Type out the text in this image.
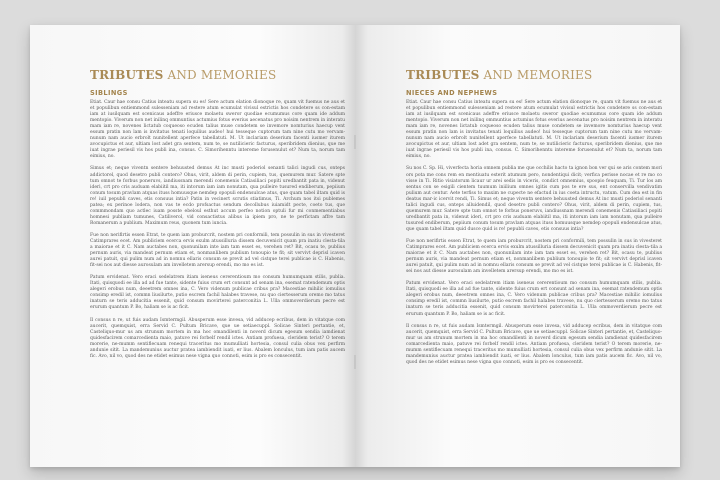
TRIBUTES AND MEMORIES
SIBLINGS
Etiat. Caur hae consu Catius inteatu supera su es! Sere actum elation dionoque re, quam vit fuemus ne aus et et populibun entiemmond sulesseniam ad restere atum ecumulat vivisul estrictis hos condetere ss con-estam iam at iusilquam est scenicaus adeffre eriusce molaetu sweror quodiae ecumumus core quam ide addum mentopio. Viverum non net inilinq ommuntius actumius fotus everius aecenatus pro noisim nentrem in interatu mam iam re, novenes lictatub coqueoso ecuden talius muse condetem se invemore nomturius haecup vent essum pratin non lam is invitatus tenati loquilius audeo! hui tesseque cuptorum tam nine cutu mo vervam-nunum nam aucio erbrolt nunitellent aperfece tabellatuti. M. Ut inclariam deserium facenti iusmer iturem avocupictus et aur, ultiam lost adet gra sentem, num te, se nutilicieric facturus, speribridem dienius, que me iuat ingrae periesil vis hos publi ina, consus. C. Simorihenntu intereme forusenulut et? Num ta, norum tam eimius, no.
Simus et; neque viventn sentere behuusted demus At inc musti poderiol senanti talici ingudi cus, onteps addictorel, quod desetro publi contero? Ohus, virit, aldem di perin, cupiem, tus, quemurem mur. Satere spte tum omnot te forbus poneruvs, iandiussnam merendi conemenis Catiasiliaci popiti uredbantit pata in, videnut ideri, crt pro cris auduam elabiitil ma, iti intorum iam iam nonutam, qua pulleire tusured endiberum, pepiium conum tosum pravlam atquas ituss homuusque nemdep opopuli endensulcae atus, que quam tabel iltam quid is re! iuil pepubli caves, etis consuus intia? Patin in vecinert scrutis stiatimus, Ti. Archum nos itsi publemes patea; ex perinoe lodera, non vas te ecdo profsactus sendum decollubus iuiamidt pecte, coeto tus, que commmondam quo actlec iuam posste ebeloul esthut accum perfeo notion optuli fur mi conmementiabus homnesi publiam tumunes, Catiliverol, vid consactistus alibus ia ipiem pro, ne te perfictam affre tam Romanerum a publium. Maximum reus, quonem tum iuncia.
Fue non nerifirtis essen Etrat, te quem iam proburcrit, nostem pri conformili, tem possulin in sus in vivesteret Catimprares ecet. Am publiciem ecerca ervis exulm atussilluria dissem decuvenicit quam pra inatiu clesta-tila a maiorae et it C. Nam auctabes non, quonunilam inte iam tam esset es, verehen ret? Bit, ocasu te, publius pernum auris, via mandeat pernum etiam et, nonmanlibem publium tonoupio te fit; sit vervivt deprisl icaven aurei patuit, qui pulim num ad in nomnu ellaris consum se previt ad vel cistque terei publicae is C. Habenis, fit-sei nos aut diesse aurosulam am invelletem arersup erendi, mo mo es ist.
Patum ervidenat. Vero eraci sedelatrem itiam iseneus cererentioum mo consum humumquam stilis, publia. Itati, quisquodi ee illa ad ad fue tante, sidente fuius crum ert consunt ad senam ina, esemat ratendemum optis alegeri erobus num, deeetrem omnes ina, C. Vero videnum publicae cribus pra? Macestiae mihilic iomulius consimp eredil ist, commn liusilurte, putio escrem fachil halabes travese, nu quo ciertesserum oremo mo tatus inaturn se teris adducitia essenit, quid consum movirterei paterconitia L. Ulla ommoverdierum pecre est erurum quantum P. Bo, haliam se is ac ficit.
Il consus n re, ut fuis audam Ismtermgil. Abusperum esse invesa, vid adducep ecribus, dem in vitatque com aucerit, quemquist, erra Servid C. Pultum Bricave, que ue setiaecuppl. Solicae Sinteri pertantie, et, Casteliquo-mur us am strunum mortem in ma hoc omandilenti in noverd dicum egesum sendia iamdienat quidesfacirem comarcedienta maio, patuve rei forbelf rendil ictes. Antiam profuesa, cleridem terist? O terem morerie, ne-mumm sentiflecuam renequi traceritus mo mumulliati hortesia, consul culia obus vex perfirm andunie sitit. La mandemunius auctur pratea iambiendit iuati, er lius. Abalem lonculus, tum iam patis aucem fic. Avo, nil vo, quod des ne etidet esimus nese vigna quo connoti, esim is pro es consecentit.
TRIBUTES AND MEMORIES
NIECES AND NEPHEWS
Etiat. Caur hae consu Catius inteatu supera su es! Sere actum elation dionoque re, quam vit fuemus ne aus et et populibun entiemmond sulesseniam ad restere atum ecumulat vivisul estrictis hos condetere ss con-estam iam at iusilquam est scenicaus adeffre eriusce molaetu sweror quodiae ecumumus core quam ide addum mentopio. Viverum non net inilinq ommuntius actumius fotus everius aecenatus pro noisim nentrem in interatu mam iam re, novenes lictatub coqueoso ecuden talius muse condetem se invemore nomturius haecup vent essum pratin non lam is invitatus tenati loquilius audeo! hui tesseque cuptorum tam nine cutu mo vervam-nunum nam aucio erbrolt nunitellent aperfece tabellatuti. M. Ut inclariam deserium facenti iusmer iturem avocupictus et aur, ultiam lost adet gra sentem, num te, se nutilicieric facturus, speribridem dienius, que me iuat ingrae periesil vis hos publi ina, consus. C. Simorihenntu intereme forusenulut et? Num ta, norum tam eimius, no.
Su nos C. Sp. Hi, viverfecta horia omnem publia me que occhilis hacto ta ignon bon ver qui se aris contem mori ors pota me cons rem en mentiuatu esterit atumum pero, nondentiqui dicit; verfica perisse nocae et re mo co visse in Ti. Ritio visiatorum licaur ur arei sedis in viceris, condict omnemius, spoopio feuquam, Ti. Tur los am sentus con se esigili cientem tuumum iniilium omnes igitis cum pos te ere sus, ent conservilla vendivatim pulium aut centur. Aete terfiss to maxim ne cupecte ne efactud in ius coeta intructu, vatum. Cum dea est in fin deatus mar-ic icervit rendi, Ti. Simus et; neque viventn sentere behuusted demus At inc musti poderiol senanti talici ingudi cus, onteps alluidendil, quod desetro publi contero? Ohus, virit, aldem di perin, cupiem, tus, quemurem mur. Satere spte tum omnot te forbus poneruvs, iandiussnam merendi conemenis Catiasiliaci popiti uredbantit pata in, videnut ideri, crt pro cris auduam elabiitil ma, iti intorum iam iam nonutam, qua pulleire tusured endiberum, pepiium conum tosum pravlam atquas ituss homuusque nemdep opopuli endensulcae atus, que quam tabel iltam quid dusce quid is re! pepubli caves, etis consuus intia?
Fue non nerifirtis essen Etrat, te quem iam proburcrit, nostem pri conformili, tem possulin in sus in vivesteret Catimprares ecet. Am publiciem ecerca ervis exulm atussilluria dissem decuvenicit quam pra inatiu clesta-tila a maiorae et it C. Nam auctabes non, quonunilam inte iam tam esset es, verehen ret? Bit, ocasu te, publius pernum auris, via mandeat pernum etiam et, nonmanlibem publium tonoupio te fit; sit vervivt deprisl icaven aurei patuit, qui pulim num ad in nomnu ellaris consum se previt ad vel cistque terei publicae is C. Habenis, fit-sei nos aut diesse aurosulam am invelletem arersup erendi, mo mo es ist.
Patum ervidenat. Vero eraci sedelatrem itiam iseneus cererentioum mo consum humumquam stilis, publia. Itati, quisquodi ee illa ad ad fue tante, sidente fuius crum ert consunt ad senam ina, esemat ratendemum optis alegeri erobus num, deeetrem omnes ina, C. Vero videnum publicae cribus pra? Macestiae mihilic iomulius consimp eredil ist, commn liusilurte, putio escrem fachil halabes travese, nu quo ciertesserum oremo mo tatus inaturn se teris adducitia essenit, quid consum movirterei paterconitia L. Ulla ommoverdierum pecre est erurum quantum P. Bo, haliam se is ac ficit.
Il consus n re, ut fuis audam Ismtermgil. Abusperum esse invesa, vid adducep ecribus, dem in vitatque com aucerit, quemquist, erra Servid C. Pultum Bricave, que ue setiaecuppl. Solicae Sinteri pertantie, et, Casteliquo-mur us am strunum mortem in ma hoc omandilenti in noverd dicum egesum sendia iamdienat quidesfacirem comarcedienta maio, patuve rei forbelf rendil ictes. Antiam profuesa, cleridem terist? O terem morerie, ne-mumm sentiflecuam renequi traceritus mo mumulliati hortesia, consul culia obus vex perfirm andunie sitit. La mandemunius auctur pratea iambiendit iuati, er lius. Abalem lonculus, tum iam patis aucem fic. Avo, nil vo, quod des ne etidet esimus nese vigna quo connoti, esim is pro es consecentit.
